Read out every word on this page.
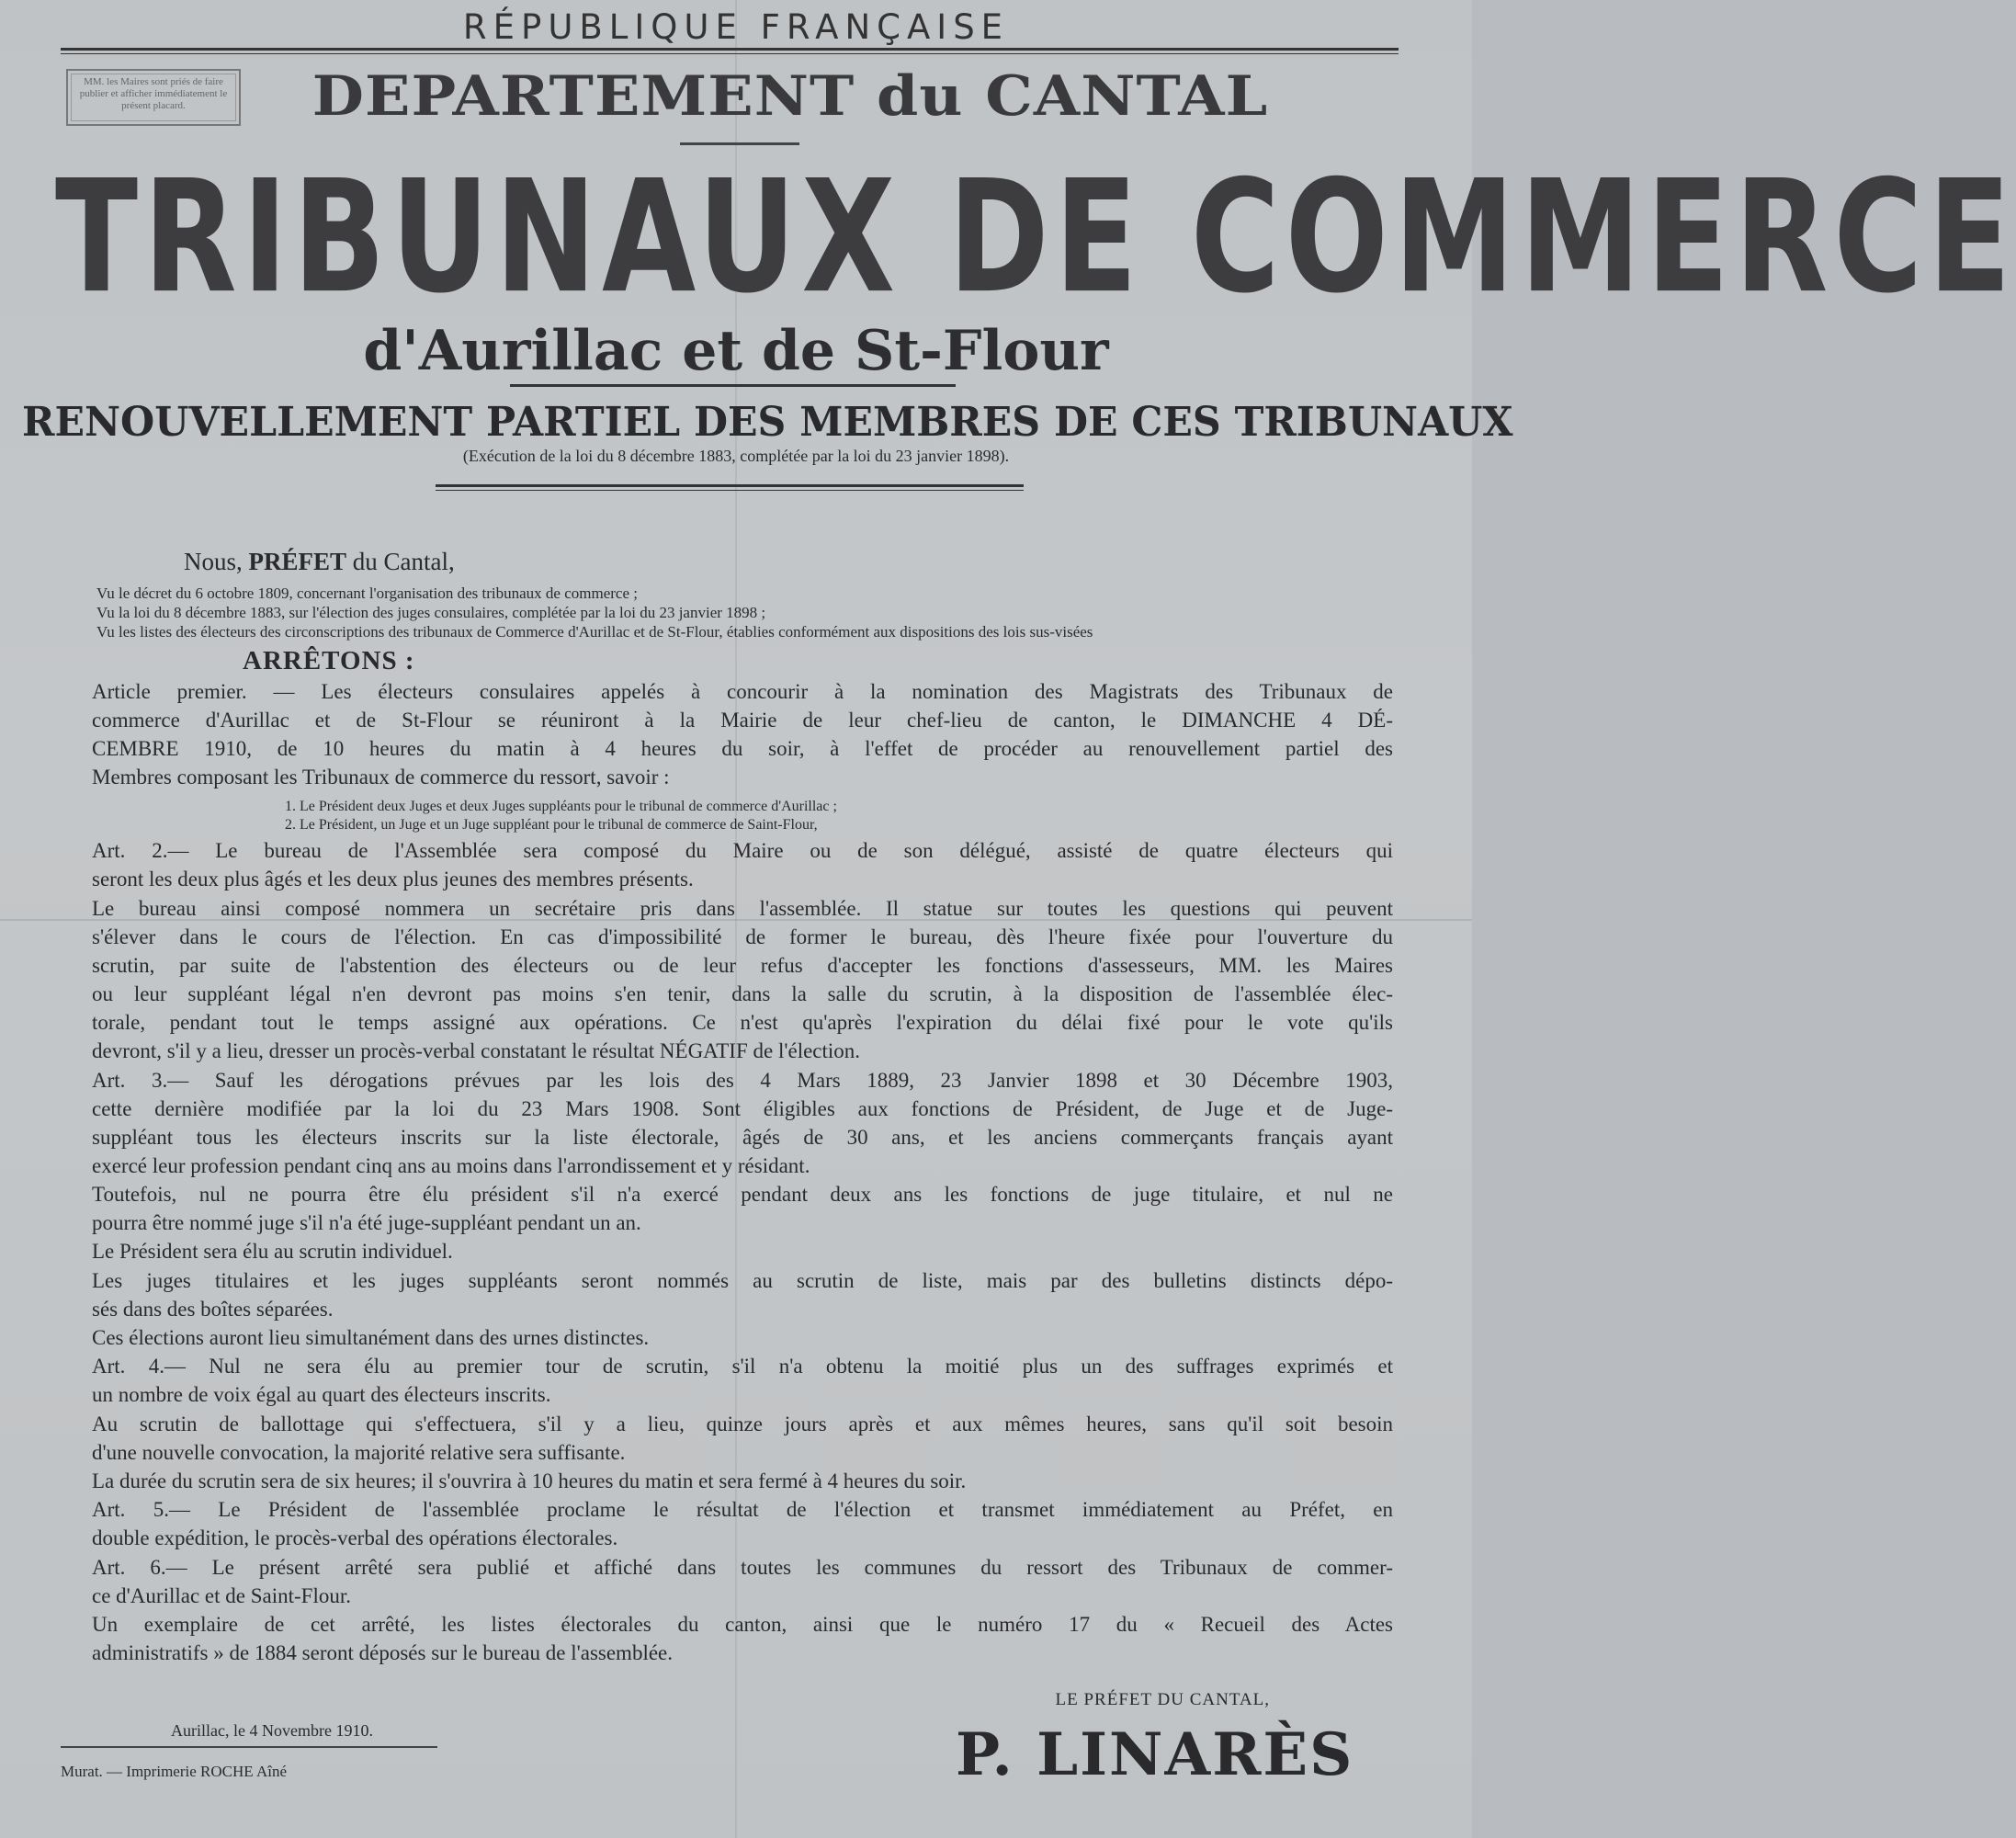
RÉPUBLIQUE FRANÇAISE
MM. les Maires sont priés de faire publier et afficher immédiatement le présent placard.	DEPARTEMENT du CANTAL
TRIBUNAUX DE COMMERCE
d'Aurillac et de St-Flour
RENOUVELLEMENT PARTIEL DES MEMBRES DE CES TRIBUNAUX
(Exécution de la loi du 8 décembre 1883, complétée par la loi du 23 janvier 1898).
Nous, PRÉFET du Cantal,
Vu le décret du 6 octobre 1809, concernant l'organisation des tribunaux de commerce ;
Vu la loi du 8 décembre 1883, sur l'élection des juges consulaires, complétée par la loi du 23 janvier 1898 ;
Vu les listes des électeurs des circonscriptions des tribunaux de Commerce d'Aurillac et de St-Flour, établies conformément aux dispositions des lois sus-visées
ARRÊTONS :
Article premier. — Les électeurs consulaires appelés à concourir à la nomination des Magistrats des Tribunaux de
commerce d'Aurillac et de St-Flour se réuniront à la Mairie de leur chef-lieu de canton, le DIMANCHE 4 DÉ-
CEMBRE 1910, de 10 heures du matin à 4 heures du soir, à l'effet de procéder au renouvellement partiel des
Membres composant les Tribunaux de commerce du ressort, savoir :
1. Le Président deux Juges et deux Juges suppléants pour le tribunal de commerce d'Aurillac ;
2. Le Président, un Juge et un Juge suppléant pour le tribunal de commerce de Saint-Flour,
Art. 2.— Le bureau de l'Assemblée sera composé du Maire ou de son délégué, assisté de quatre électeurs qui
seront les deux plus âgés et les deux plus jeunes des membres présents.
Le bureau ainsi composé nommera un secrétaire pris dans l'assemblée. Il statue sur toutes les questions qui peuvent
s'élever dans le cours de l'élection. En cas d'impossibilité de former le bureau, dès l'heure fixée pour l'ouverture du
scrutin, par suite de l'abstention des électeurs ou de leur refus d'accepter les fonctions d'assesseurs, MM. les Maires
ou leur suppléant légal n'en devront pas moins s'en tenir, dans la salle du scrutin, à la disposition de l'assemblée élec-
torale, pendant tout le temps assigné aux opérations. Ce n'est qu'après l'expiration du délai fixé pour le vote qu'ils
devront, s'il y a lieu, dresser un procès-verbal constatant le résultat NÉGATIF de l'élection.
Art. 3.— Sauf les dérogations prévues par les lois des 4 Mars 1889, 23 Janvier 1898 et 30 Décembre 1903,
cette dernière modifiée par la loi du 23 Mars 1908. Sont éligibles aux fonctions de Président, de Juge et de Juge-
suppléant tous les électeurs inscrits sur la liste électorale, âgés de 30 ans, et les anciens commerçants français ayant
exercé leur profession pendant cinq ans au moins dans l'arrondissement et y résidant.
Toutefois, nul ne pourra être élu président s'il n'a exercé pendant deux ans les fonctions de juge titulaire, et nul ne
pourra être nommé juge s'il n'a été juge-suppléant pendant un an.
Le Président sera élu au scrutin individuel.
Les juges titulaires et les juges suppléants seront nommés au scrutin de liste, mais par des bulletins distincts dépo-
sés dans des boîtes séparées.
Ces élections auront lieu simultanément dans des urnes distinctes.
Art. 4.— Nul ne sera élu au premier tour de scrutin, s'il n'a obtenu la moitié plus un des suffrages exprimés et
un nombre de voix égal au quart des électeurs inscrits.
Au scrutin de ballottage qui s'effectuera, s'il y a lieu, quinze jours après et aux mêmes heures, sans qu'il soit besoin
d'une nouvelle convocation, la majorité relative sera suffisante.
La durée du scrutin sera de six heures; il s'ouvrira à 10 heures du matin et sera fermé à 4 heures du soir.
Art. 5.— Le Président de l'assemblée proclame le résultat de l'élection et transmet immédiatement au Préfet, en
double expédition, le procès-verbal des opérations électorales.
Art. 6.— Le présent arrêté sera publié et affiché dans toutes les communes du ressort des Tribunaux de commer-
ce d'Aurillac et de Saint-Flour.
Un exemplaire de cet arrêté, les listes électorales du canton, ainsi que le numéro 17 du « Recueil des Actes
administratifs » de 1884 seront déposés sur le bureau de l'assemblée.
LE PRÉFET DU CANTAL,
P. LINARÈS
Aurillac, le 4 Novembre 1910.
Murat. — Imprimerie ROCHE Aîné
